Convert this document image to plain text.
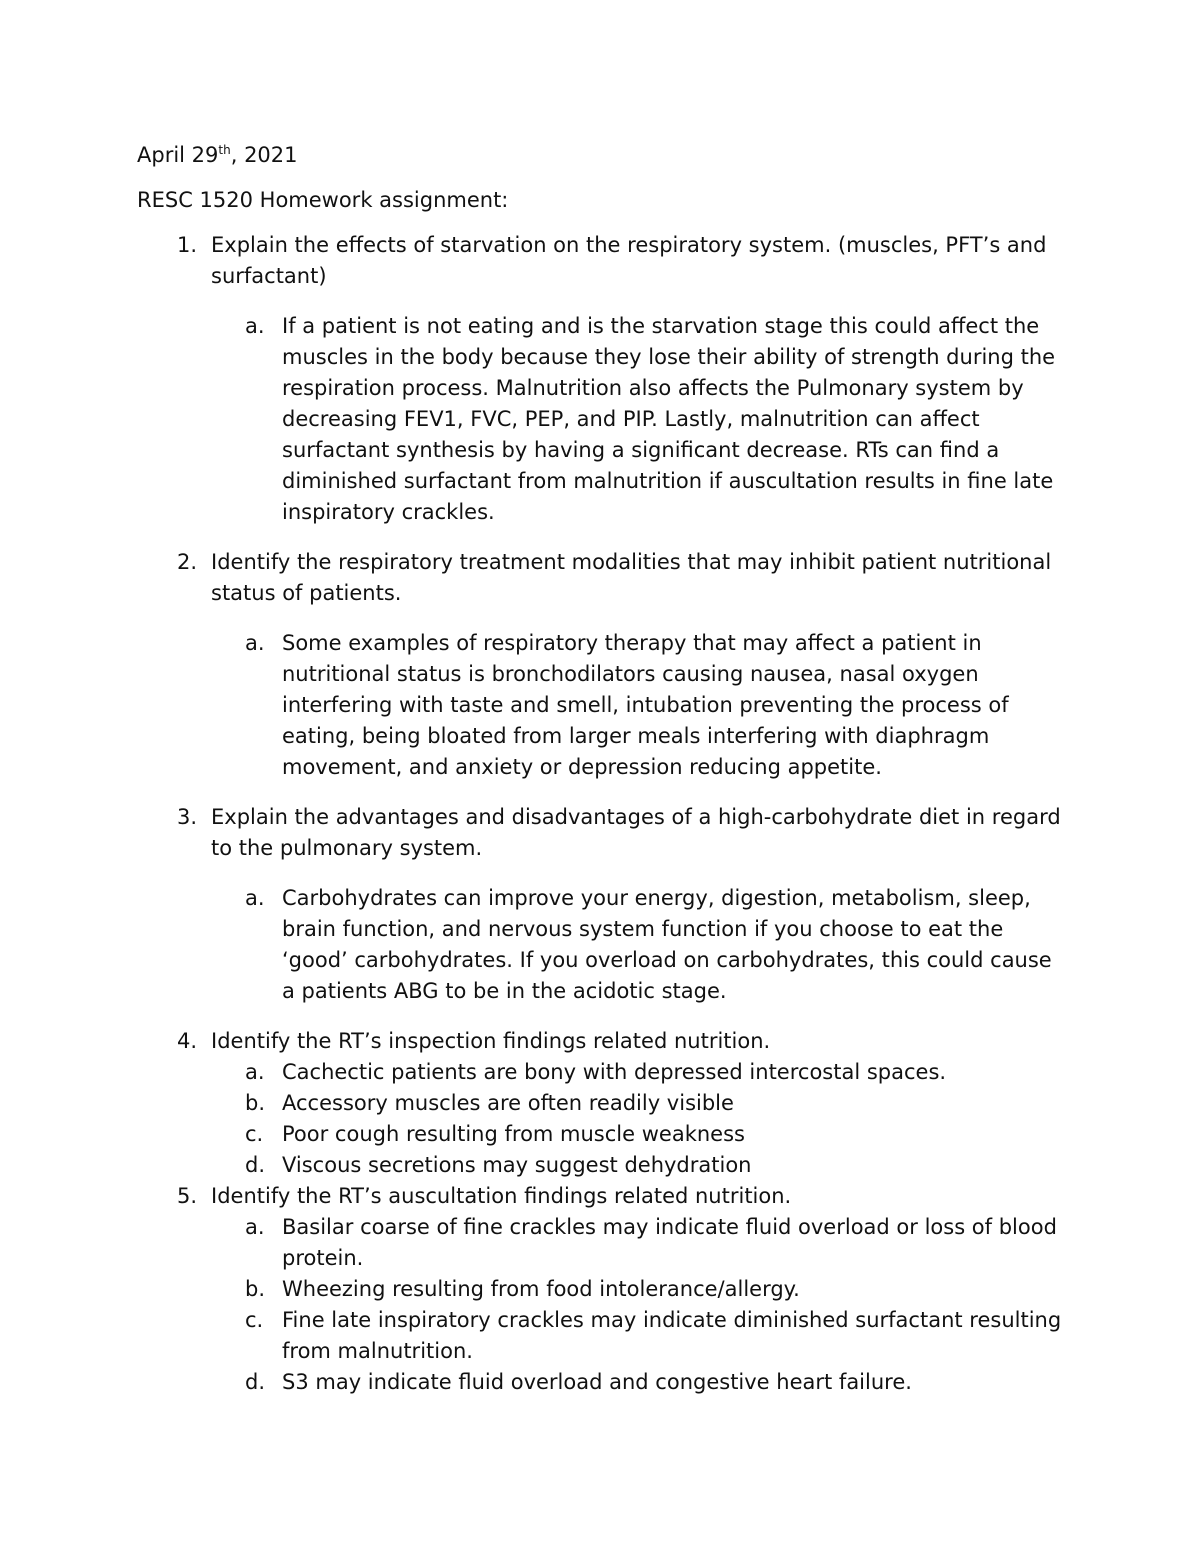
April 29th, 2021
RESC 1520 Homework assignment:
1. Explain the effects of starvation on the respiratory system. (muscles, PFT’s and surfactant)
a. If a patient is not eating and is the starvation stage this could affect the muscles in the body because they lose their ability of strength during the respiration process. Malnutrition also affects the Pulmonary system by decreasing FEV1, FVC, PEP, and PIP. Lastly, malnutrition can affect surfactant synthesis by having a significant decrease. RTs can find a diminished surfactant from malnutrition if auscultation results in fine late inspiratory crackles.
2. Identify the respiratory treatment modalities that may inhibit patient nutritional status of patients.
a. Some examples of respiratory therapy that may affect a patient in nutritional status is bronchodilators causing nausea, nasal oxygen interfering with taste and smell, intubation preventing the process of eating, being bloated from larger meals interfering with diaphragm movement, and anxiety or depression reducing appetite.
3. Explain the advantages and disadvantages of a high-carbohydrate diet in regard to the pulmonary system.
a. Carbohydrates can improve your energy, digestion, metabolism, sleep, brain function, and nervous system function if you choose to eat the ‘good’ carbohydrates. If you overload on carbohydrates, this could cause a patients ABG to be in the acidotic stage.
4. Identify the RT’s inspection findings related nutrition.
a. Cachectic patients are bony with depressed intercostal spaces.
b. Accessory muscles are often readily visible
c. Poor cough resulting from muscle weakness
d. Viscous secretions may suggest dehydration
5. Identify the RT’s auscultation findings related nutrition.
a. Basilar coarse of fine crackles may indicate fluid overload or loss of blood protein.
b. Wheezing resulting from food intolerance/allergy.
c. Fine late inspiratory crackles may indicate diminished surfactant resulting from malnutrition.
d. S3 may indicate fluid overload and congestive heart failure.
